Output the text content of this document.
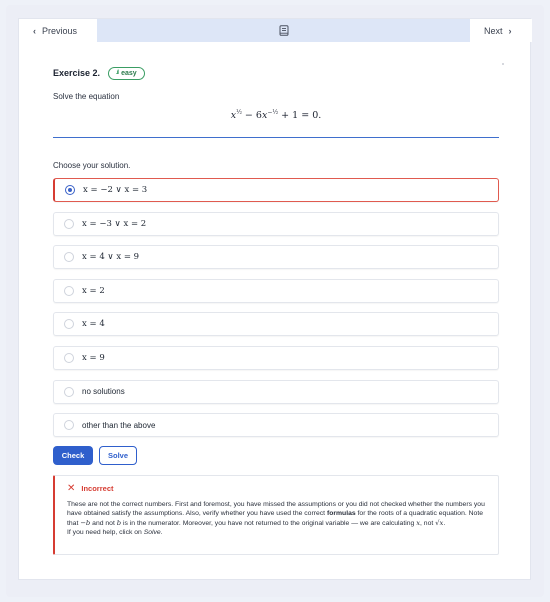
‹ Previous	Next ›
Exercise 2.	.ıl easy
Solve the equation
$x^{\frac{1}{2}} - 6x^{-\frac{1}{2}} + 1 = 0$.
Choose your solution.
x = −2 ∨ x = 3
x = −3 ∨ x = 2
x = 4 ∨ x = 9
x = 2
x = 4
x = 9
no solutions
other than the above
Check	Solve
✕ Incorrect
These are not the correct numbers. First and foremost, you have missed the assumptions or you did not checked whether the numbers you have obtained satisfy the assumptions. Also, verify whether you have used the correct formulas for the roots of a quadratic equation. Note that −b and not b is in the numerator. Moreover, you have not returned to the original variable — we are calculating x, not √x.
If you need help, click on Solve.
